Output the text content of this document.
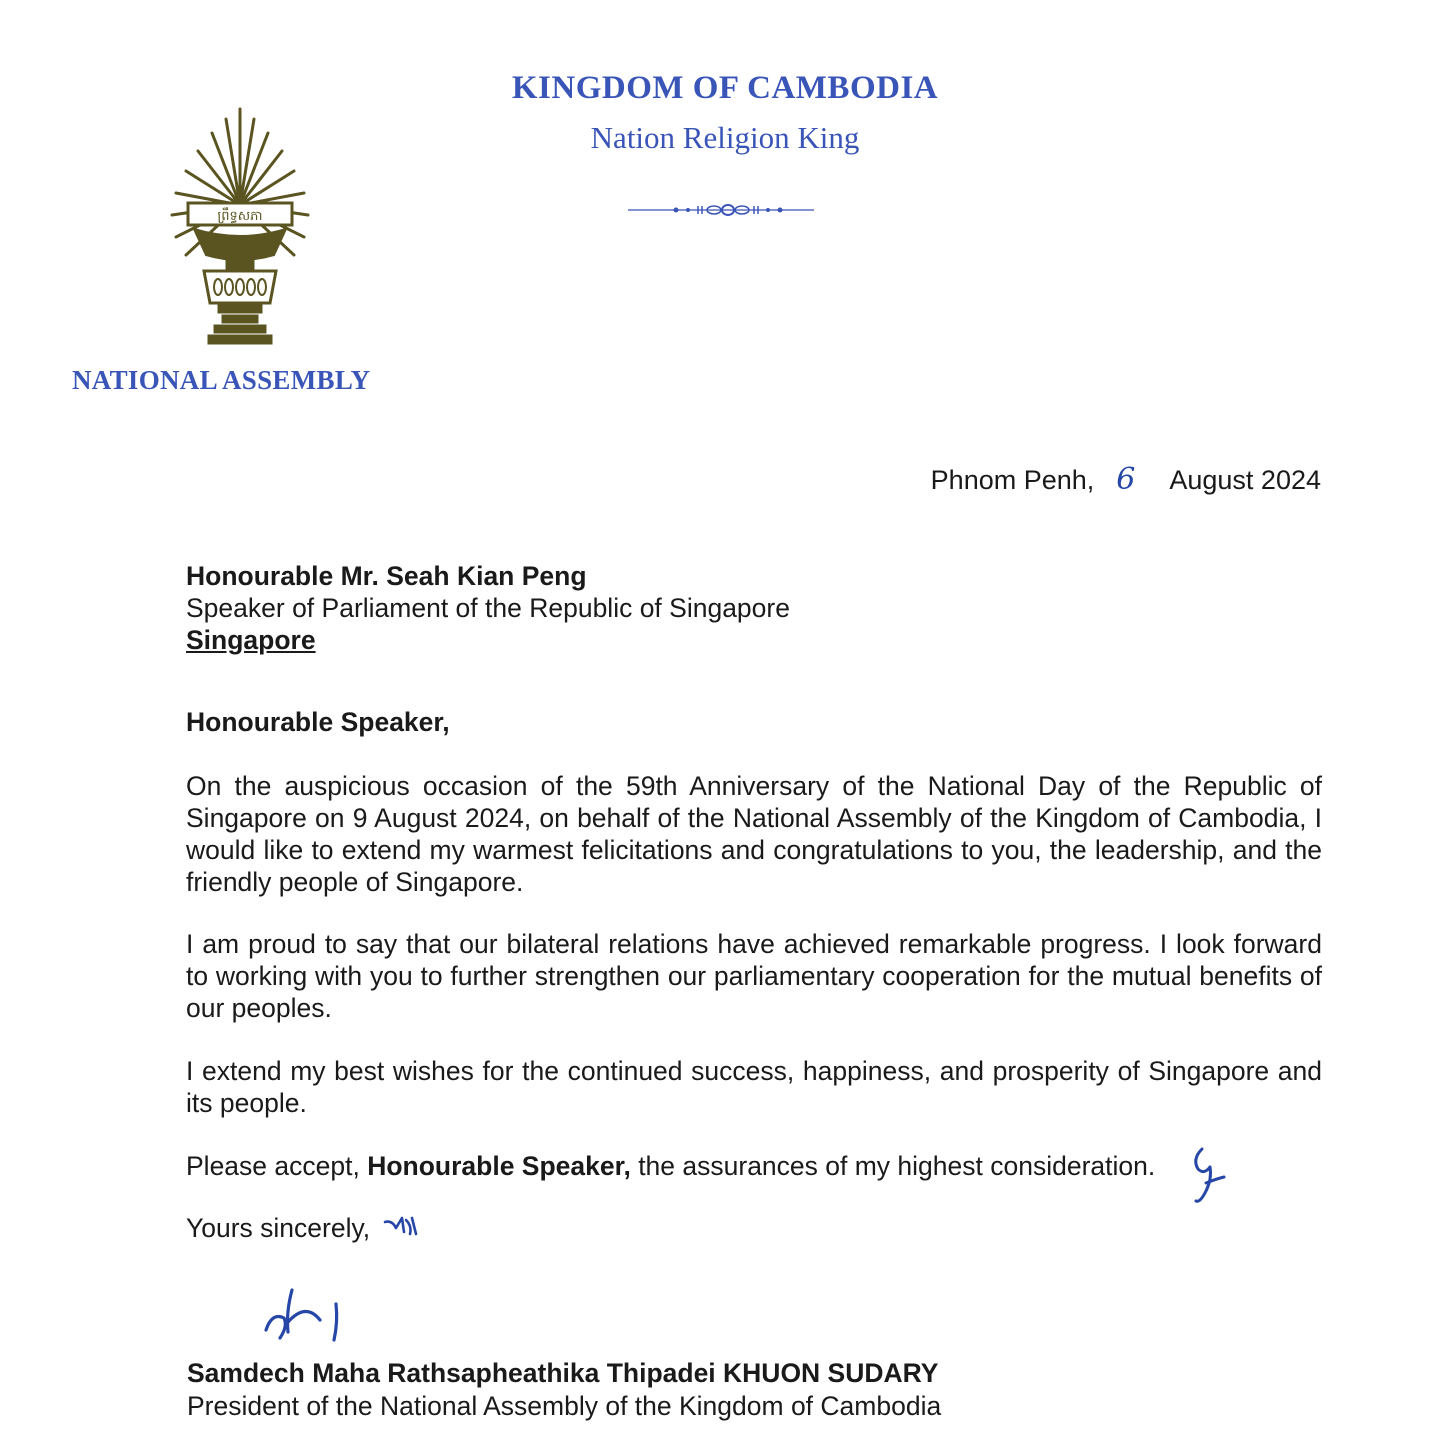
KINGDOM OF CAMBODIA
Nation Religion King
ព្រឹទ្ធសភា
NATIONAL ASSEMBLY
Phnom Penh, 6 August 2024
Honourable Mr. Seah Kian Peng
Speaker of Parliament of the Republic of Singapore
Singapore
Honourable Speaker,

On the auspicious occasion of the 59th Anniversary of the National Day of the Republic of Singapore on 9 August 2024, on behalf of the National Assembly of the Kingdom of Cambodia, I would like to extend my warmest felicitations and congratulations to you, the leadership, and the friendly people of Singapore.

I am proud to say that our bilateral relations have achieved remarkable progress. I look forward to working with you to further strengthen our parliamentary cooperation for the mutual benefits of our peoples.

I extend my best wishes for the continued success, happiness, and prosperity of Singapore and its people.

Please accept, Honourable Speaker, the assurances of my highest consideration.
Yours sincerely,
Samdech Maha Rathsapheathika Thipadei KHUON SUDARY
President of the National Assembly of the Kingdom of Cambodia
